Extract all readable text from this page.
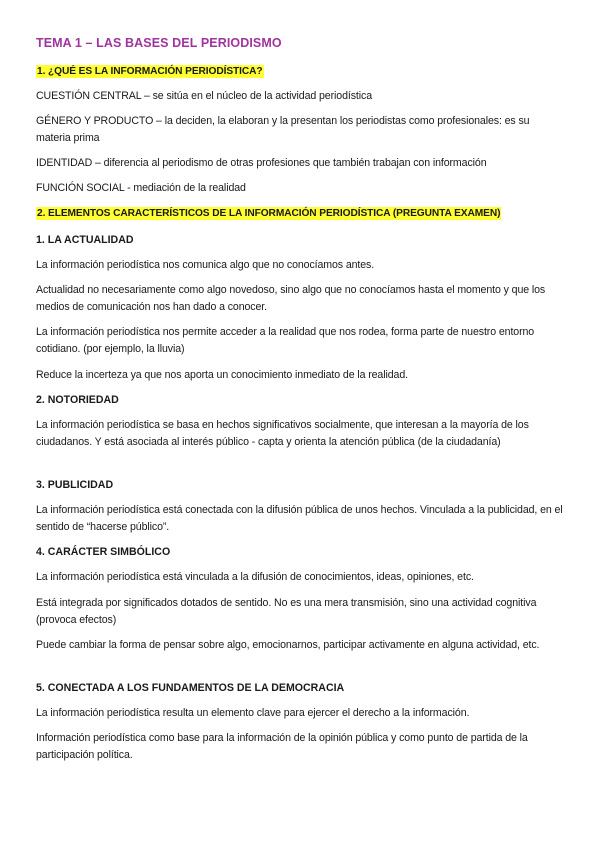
TEMA 1 – LAS BASES DEL PERIODISMO
1. ¿QUÉ ES LA INFORMACIÓN PERIODÍSTICA?
CUESTIÓN CENTRAL – se sitúa en el núcleo de la actividad periodística
GÉNERO Y PRODUCTO – la deciden, la elaboran y la presentan los periodistas como profesionales: es su materia prima
IDENTIDAD – diferencia al periodismo de otras profesiones que también trabajan con información
FUNCIÓN SOCIAL - mediación de la realidad
2. ELEMENTOS CARACTERÍSTICOS DE LA INFORMACIÓN PERIODÍSTICA (PREGUNTA EXAMEN)
1. LA ACTUALIDAD
La información periodística nos comunica algo que no conocíamos antes.
Actualidad no necesariamente como algo novedoso, sino algo que no conocíamos hasta el momento y que los medios de comunicación nos han dado a conocer.
La información periodística nos permite acceder a la realidad que nos rodea, forma parte de nuestro entorno cotidiano. (por ejemplo, la lluvia)
Reduce la incerteza ya que nos aporta un conocimiento inmediato de la realidad.
2. NOTORIEDAD
La información periodística se basa en hechos significativos socialmente, que interesan a la mayoría de los ciudadanos. Y está asociada al interés público - capta y orienta la atención pública (de la ciudadanía)
3. PUBLICIDAD
La información periodística está conectada con la difusión pública de unos hechos. Vinculada a la publicidad, en el sentido de “hacerse público”.
4. CARÁCTER SIMBÓLICO
La información periodística está vinculada a la difusión de conocimientos, ideas, opiniones, etc.
Está integrada por significados dotados de sentido. No es una mera transmisión, sino una actividad cognitiva (provoca efectos)
Puede cambiar la forma de pensar sobre algo, emocionarnos, participar activamente en alguna actividad, etc.
5. CONECTADA A LOS FUNDAMENTOS DE LA DEMOCRACIA
La información periodística resulta un elemento clave para ejercer el derecho a la información.
Información periodística como base para la información de la opinión pública y como punto de partida de la participación política.
